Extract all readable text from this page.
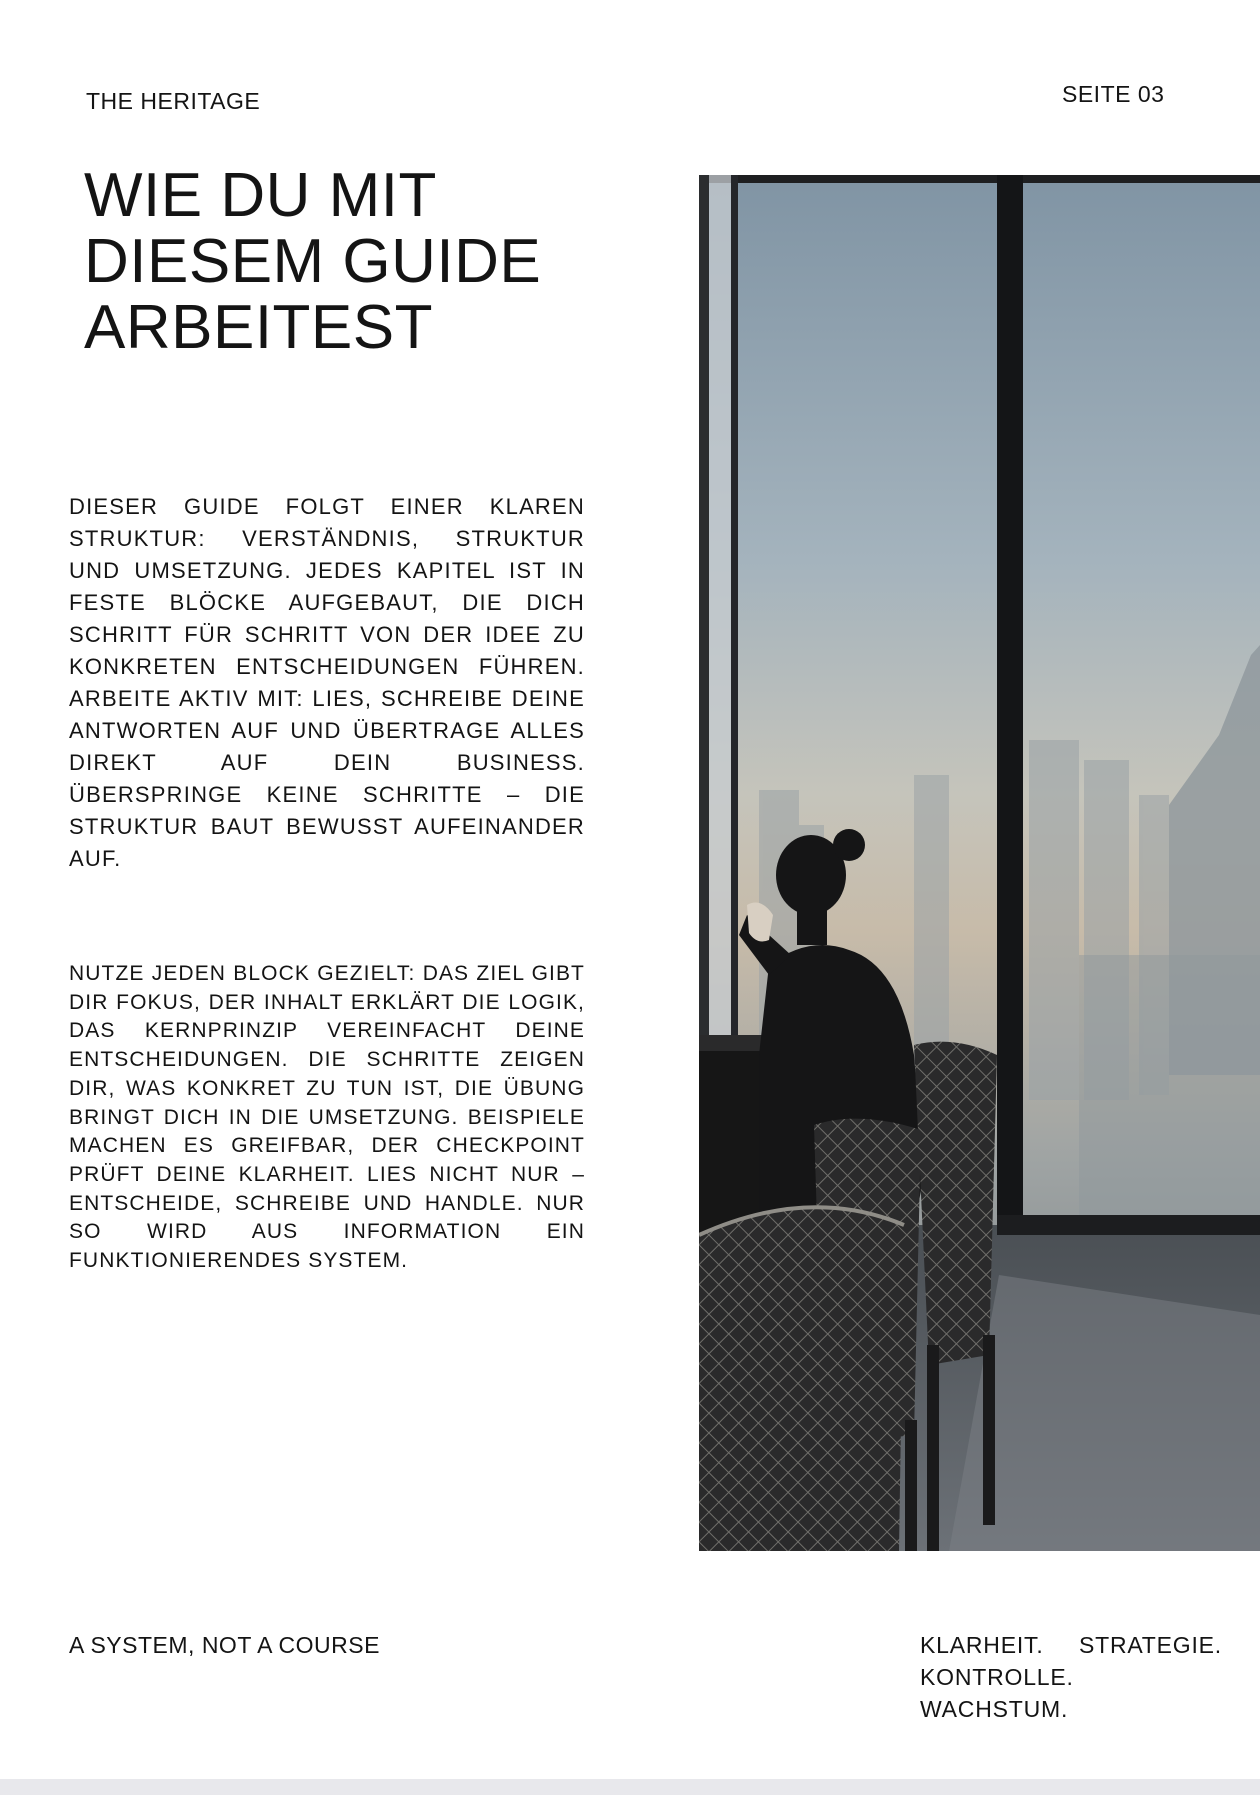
THE HERITAGE	SEITE 03
WIE DU MIT
DIESEM GUIDE
ARBEITEST

DIESER GUIDE FOLGT EINER KLAREN STRUKTUR: VERSTÄNDNIS, STRUKTUR UND UMSETZUNG. JEDES KAPITEL IST IN FESTE BLÖCKE AUFGEBAUT, DIE DICH SCHRITT FÜR SCHRITT VON DER IDEE ZU KONKRETEN ENTSCHEIDUNGEN FÜHREN. ARBEITE AKTIV MIT: LIES, SCHREIBE DEINE ANTWORTEN AUF UND ÜBERTRAGE ALLES DIREKT AUF DEIN BUSINESS. ÜBERSPRINGE KEINE SCHRITTE – DIE STRUKTUR BAUT BEWUSST AUFEINANDER AUF.

NUTZE JEDEN BLOCK GEZIELT: DAS ZIEL GIBT DIR FOKUS, DER INHALT ERKLÄRT DIE LOGIK, DAS KERNPRINZIP VEREINFACHT DEINE ENTSCHEIDUNGEN. DIE SCHRITTE ZEIGEN DIR, WAS KONKRET ZU TUN IST, DIE ÜBUNG BRINGT DICH IN DIE UMSETZUNG. BEISPIELE MACHEN ES GREIFBAR, DER CHECKPOINT PRÜFT DEINE KLARHEIT. LIES NICHT NUR – ENTSCHEIDE, SCHREIBE UND HANDLE. NUR SO WIRD AUS INFORMATION EIN FUNKTIONIERENDES SYSTEM.

A SYSTEM, NOT A COURSE	KLARHEIT. STRATEGIE.
KONTROLLE. WACHSTUM.
